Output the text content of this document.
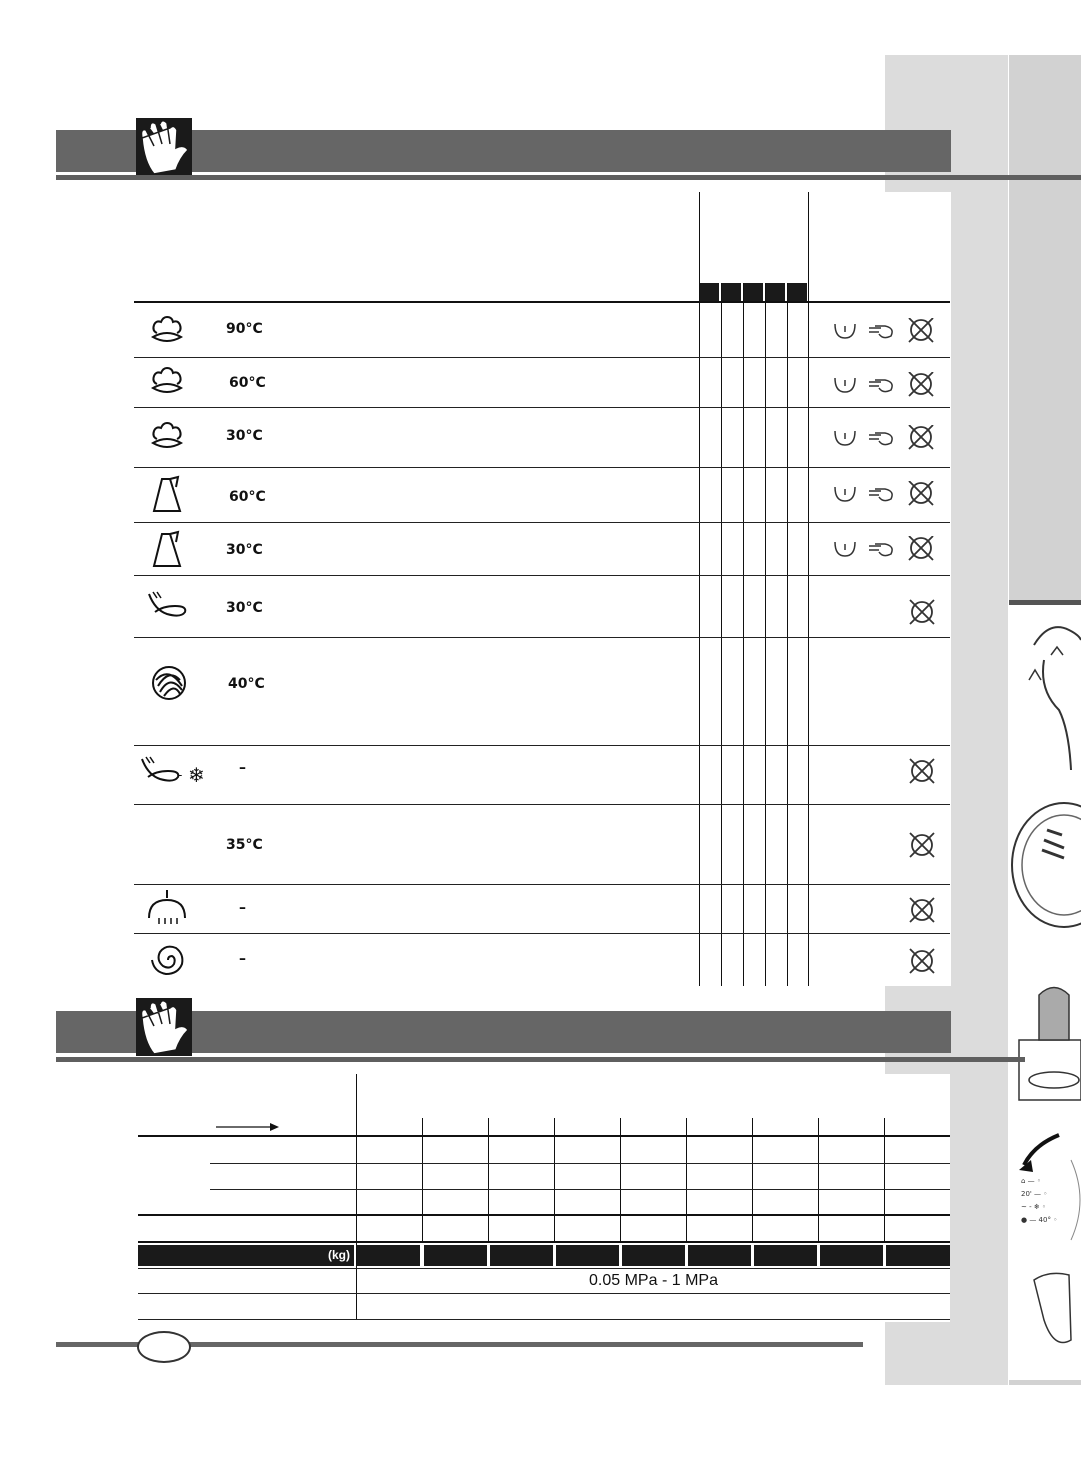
⌂ — ◦
20' — ◦
~ - ❄ ◦
● — 40° ◦
90°C
60°C
30°C
60°C
30°C
30°C
40°C
- ❄ –
35°C
–
–
(kg)
0.05 MPa - 1 MPa
